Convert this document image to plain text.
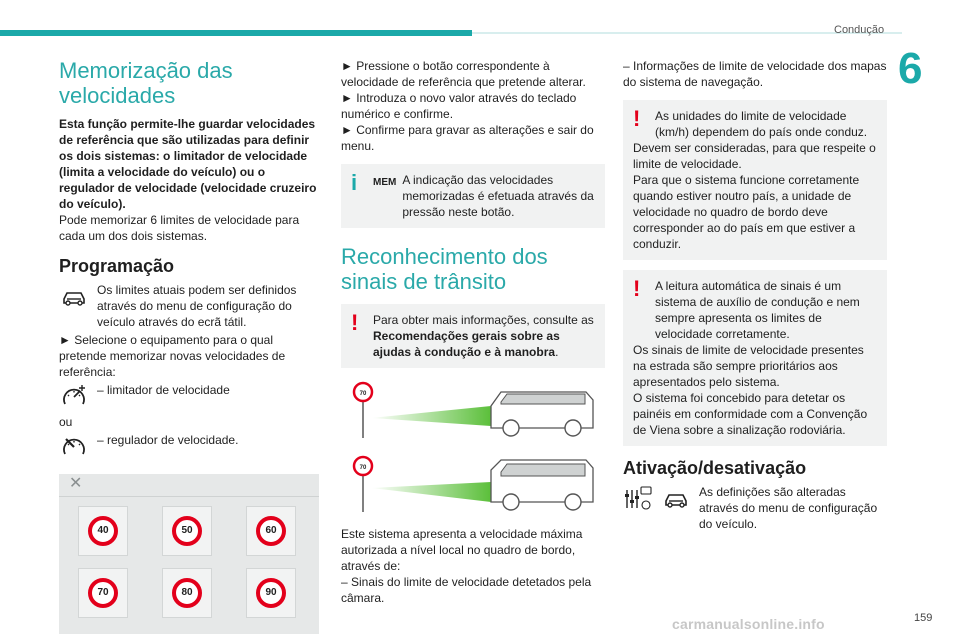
Condução
6
Memorização das velocidades

Esta função permite-lhe guardar velocidades de referência que são utilizadas para definir os dois sistemas: o limitador de velocidade (limita a velocidade do veículo) ou o regulador de velocidade (velocidade cruzeiro do veículo).

Pode memorizar 6 limites de velocidade para cada um dos dois sistemas.

Programação

Os limites atuais podem ser definidos através do menu de configuração do veículo através do ecrã tátil.

► Selecione o equipamento para o qual pretende memorizar novas velocidades de referência:

– limitador de velocidade

ou

– regulador de velocidade.

✕
40	50	60
70	80	90

► Pressione o botão correspondente à velocidade de referência que pretende alterar.

► Introduza o novo valor através do teclado numérico e confirme.

► Confirme para gravar as alterações e sair do menu.

i MEM A indicação das velocidades memorizadas é efetuada através da pressão neste botão.
Reconhecimento dos sinais de trânsito
!	Para obter mais informações, consulte as Recomendações gerais sobre as ajudas à condução e à manobra.

70
70

Este sistema apresenta a velocidade máxima autorizada a nível local no quadro de bordo, através de:

– Sinais do limite de velocidade detetados pela câmara.

– Informações de limite de velocidade dos mapas do sistema de navegação.

!	As unidades do limite de velocidade (km/h) dependem do país onde conduz.

Devem ser consideradas, para que respeite o limite de velocidade.

Para que o sistema funcione corretamente quando estiver noutro país, a unidade de velocidade no quadro de bordo deve corresponder ao do país em que estiver a conduzir.

!	A leitura automática de sinais é um sistema de auxílio de condução e nem sempre apresenta os limites de velocidade corretamente.

Os sinais de limite de velocidade presentes na estrada são sempre prioritários aos apresentados pelo sistema.

O sistema foi concebido para detetar os painéis em conformidade com a Convenção de Viena sobre a sinalização rodoviária.

Ativação/desativação

As definições são alteradas através do menu de configuração do veículo.

carmanualsonline.info	159
